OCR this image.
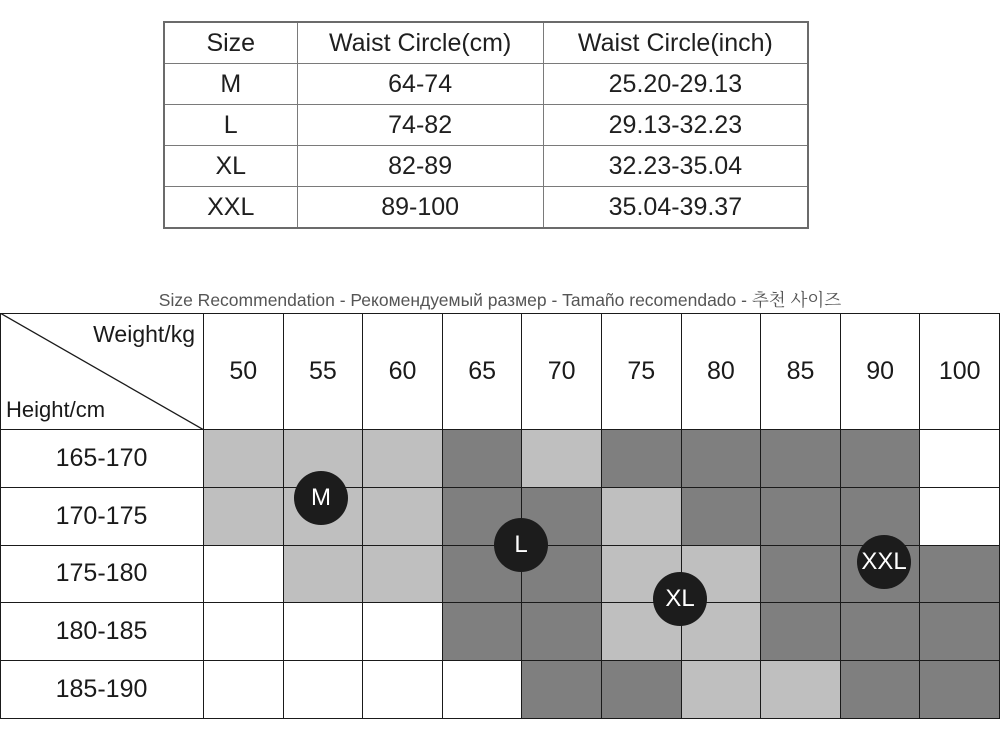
Size	Waist Circle(cm)	Waist Circle(inch)
M	64-74	25.20-29.13
L	74-82	29.13-32.23
XL	82-89	32.23-35.04
XXL	89-100	35.04-39.37
Size Recommendation - Рекомендуемый размер - Tamaño recomendado - 추천 사이즈
Weight/kg
Height/cm
50	55	60	65	70	75	80	85	90	100
165-170
170-175
175-180
180-185
185-190
M
L
XL
XXL
